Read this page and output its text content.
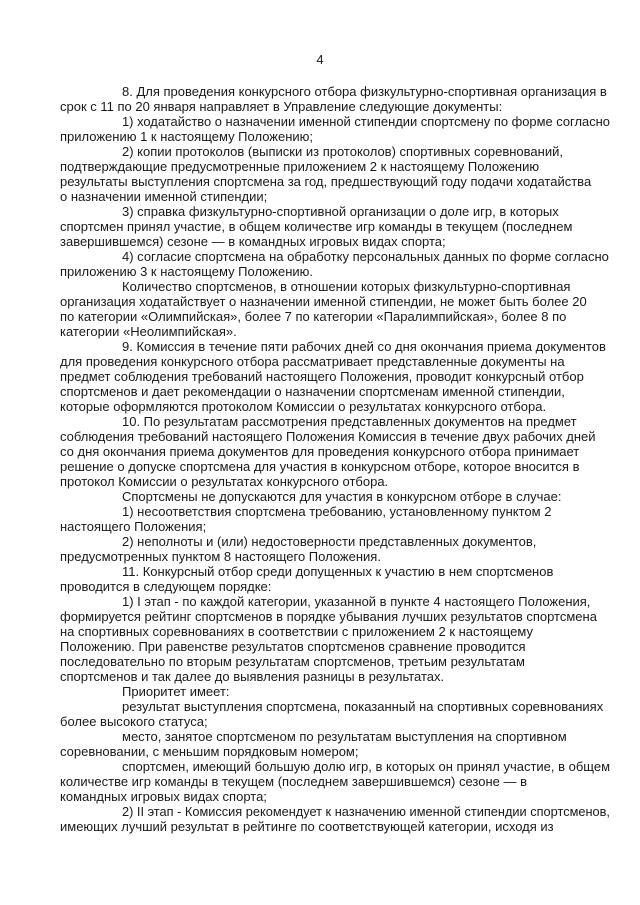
4
8. Для проведения конкурсного отбора физкультурно-спортивная организация в
срок с 11 по 20 января направляет в Управление следующие документы:
1) ходатайство о назначении именной стипендии спортсмену по форме согласно
приложению 1 к настоящему Положению;
2) копии протоколов (выписки из протоколов) спортивных соревнований,
подтверждающие предусмотренные приложением 2 к настоящему Положению
результаты выступления спортсмена за год, предшествующий году подачи ходатайства
о назначении именной стипендии;
3) справка физкультурно-спортивной организации о доле игр, в которых
спортсмен принял участие, в общем количестве игр команды в текущем (последнем
завершившемся) сезоне — в командных игровых видах спорта;
4) согласие спортсмена на обработку персональных данных по форме согласно
приложению 3 к настоящему Положению.
Количество спортсменов, в отношении которых физкультурно-спортивная
организация ходатайствует о назначении именной стипендии, не может быть более 20
по категории «Олимпийская», более 7 по категории «Паралимпийская», более 8 по
категории «Неолимпийская».
9. Комиссия в течение пяти рабочих дней со дня окончания приема документов
для проведения конкурсного отбора рассматривает представленные документы на
предмет соблюдения требований настоящего Положения, проводит конкурсный отбор
спортсменов и дает рекомендации о назначении спортсменам именной стипендии,
которые оформляются протоколом Комиссии о результатах конкурсного отбора.
10. По результатам рассмотрения представленных документов на предмет
соблюдения требований настоящего Положения Комиссия в течение двух рабочих дней
со дня окончания приема документов для проведения конкурсного отбора принимает
решение о допуске спортсмена для участия в конкурсном отборе, которое вносится в
протокол Комиссии о результатах конкурсного отбора.
Спортсмены не допускаются для участия в конкурсном отборе в случае:
1) несоответствия спортсмена требованию, установленному пунктом 2
настоящего Положения;
2) неполноты и (или) недостоверности представленных документов,
предусмотренных пунктом 8 настоящего Положения.
11. Конкурсный отбор среди допущенных к участию в нем спортсменов
проводится в следующем порядке:
1) I этап - по каждой категории, указанной в пункте 4 настоящего Положения,
формируется рейтинг спортсменов в порядке убывания лучших результатов спортсмена
на спортивных соревнованиях в соответствии с приложением 2 к настоящему
Положению. При равенстве результатов спортсменов сравнение проводится
последовательно по вторым результатам спортсменов, третьим результатам
спортсменов и так далее до выявления разницы в результатах.
Приоритет имеет:
результат выступления спортсмена, показанный на спортивных соревнованиях
более высокого статуса;
место, занятое спортсменом по результатам выступления на спортивном
соревновании, с меньшим порядковым номером;
спортсмен, имеющий большую долю игр, в которых он принял участие, в общем
количестве игр команды в текущем (последнем завершившемся) сезоне — в
командных игровых видах спорта;
2) II этап - Комиссия рекомендует к назначению именной стипендии спортсменов,
имеющих лучший результат в рейтинге по соответствующей категории, исходя из
